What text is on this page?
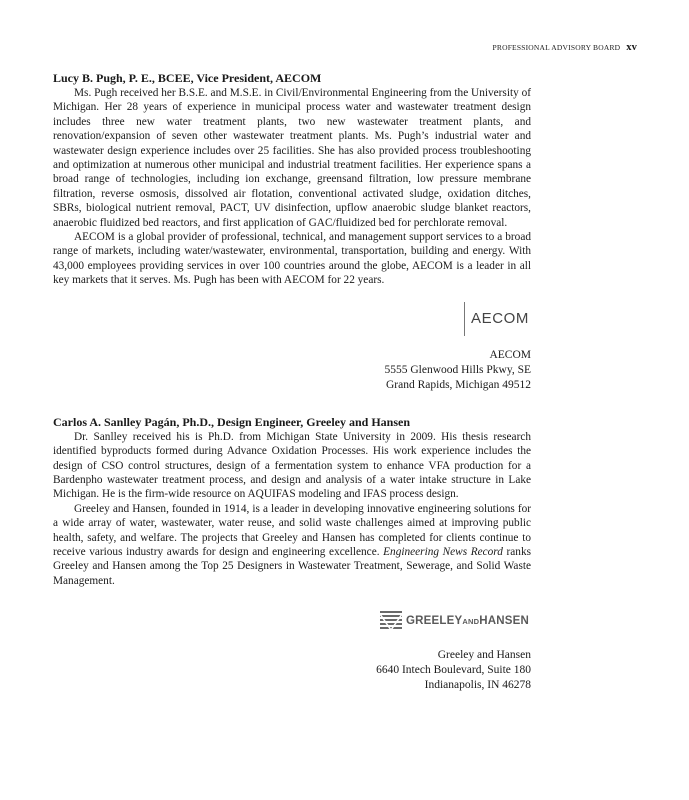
PROFESSIONAL ADVISORY BOARD xv

Lucy B. Pugh, P. E., BCEE, Vice President, AECOM

Ms. Pugh received her B.S.E. and M.S.E. in Civil/Environmental Engineering from the University of Michigan. Her 28 years of experience in municipal process water and wastewater treatment design includes three new water treatment plants, two new wastewater treatment plants, and renovation/expansion of seven other wastewater treatment plants. Ms. Pugh’s industrial water and wastewater design experience includes over 25 facilities. She has also provided process troubleshooting and optimization at numerous other municipal and industrial treatment facilities. Her experience spans a broad range of technologies, including ion exchange, greensand filtration, low pressure membrane filtration, reverse osmosis, dissolved air flotation, conventional activated sludge, oxidation ditches, SBRs, biological nutrient removal, PACT, UV disinfection, upflow anaerobic sludge blanket reactors, anaerobic fluidized bed reactors, and first application of GAC/fluidized bed for perchlorate removal.

AECOM is a global provider of professional, technical, and management support services to a broad range of markets, including water/wastewater, environmental, transportation, building and energy. With 43,000 employees providing services in over 100 countries around the globe, AECOM is a leader in all key markets that it serves. Ms. Pugh has been with AECOM for 22 years.

AECOM
AECOM
5555 Glenwood Hills Pkwy, SE
Grand Rapids, Michigan 49512

Carlos A. Sanlley Pagán, Ph.D., Design Engineer, Greeley and Hansen

Dr. Sanlley received his is Ph.D. from Michigan State University in 2009. His thesis research identified byproducts formed during Advance Oxidation Processes. His work experience includes the design of CSO control structures, design of a fermentation system to enhance VFA production for a Bardenpho wastewater treatment process, and design and analysis of a water intake structure in Lake Michigan. He is the firm-wide resource on AQUIFAS modeling and IFAS process design.

Greeley and Hansen, founded in 1914, is a leader in developing innovative engineering solutions for a wide array of water, wastewater, water reuse, and solid waste challenges aimed at improving public health, safety, and welfare. The projects that Greeley and Hansen has completed for clients continue to receive various industry awards for design and engineering excellence. Engineering News Record ranks Greeley and Hansen among the Top 25 Designers in Wastewater Treatment, Sewerage, and Solid Waste Management.

GREELEYANDHANSEN
Greeley and Hansen
6640 Intech Boulevard, Suite 180
Indianapolis, IN 46278
